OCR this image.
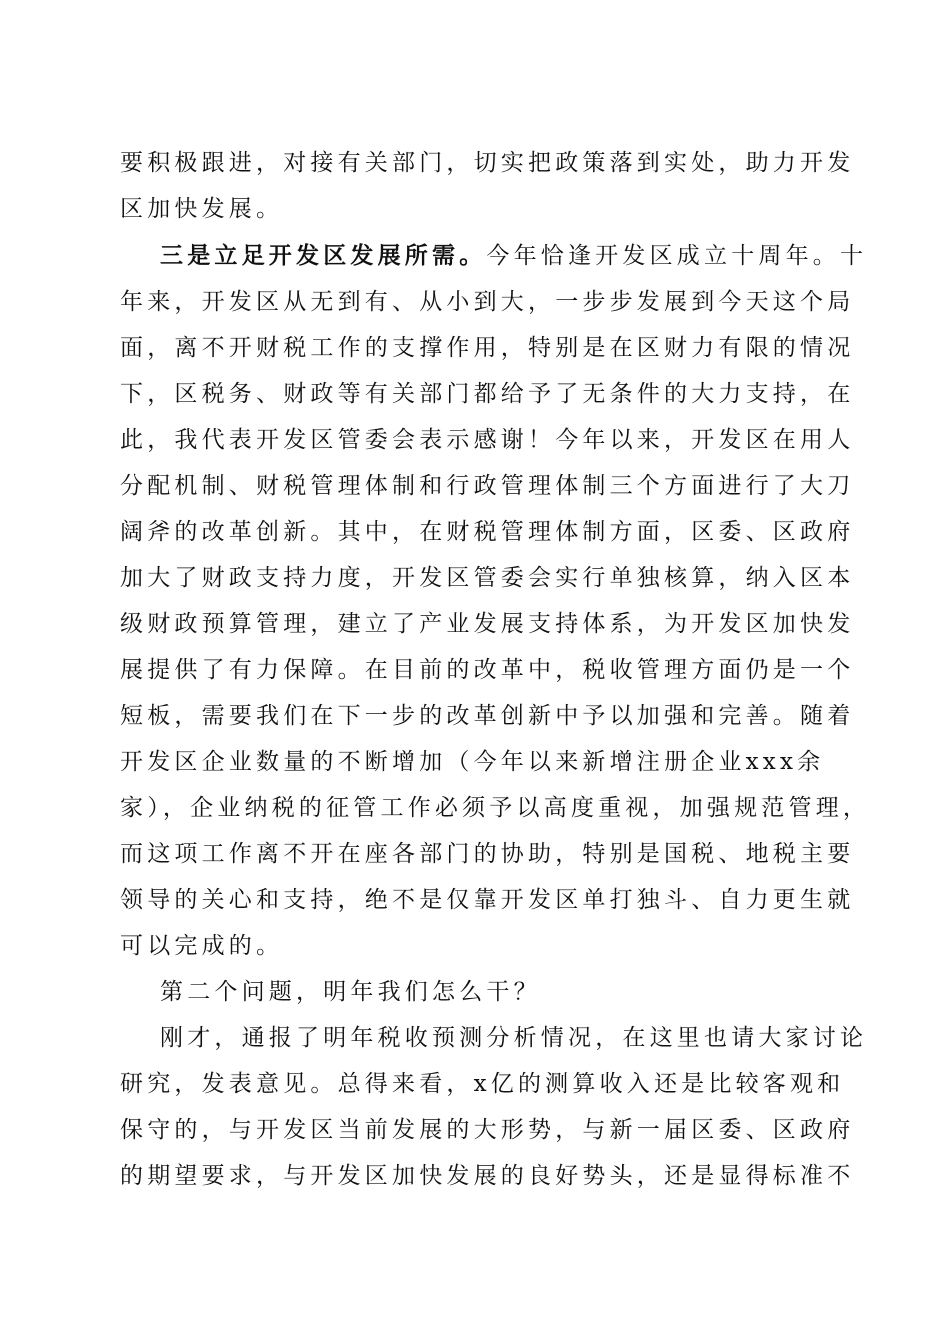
要积极跟进，对接有关部门，切实把政策落到实处，助力开发
区加快发展。
三是立足开发区发展所需。今年恰逢开发区成立十周年。十
年来，开发区从无到有、从小到大，一步步发展到今天这个局
面，离不开财税工作的支撑作用，特别是在区财力有限的情况
下，区税务、财政等有关部门都给予了无条件的大力支持，在
此，我代表开发区管委会表示感谢！今年以来，开发区在用人
分配机制、财税管理体制和行政管理体制三个方面进行了大刀
阔斧的改革创新。其中，在财税管理体制方面，区委、区政府
加大了财政支持力度，开发区管委会实行单独核算，纳入区本
级财政预算管理，建立了产业发展支持体系，为开发区加快发
展提供了有力保障。在目前的改革中，税收管理方面仍是一个
短板，需要我们在下一步的改革创新中予以加强和完善。随着
开发区企业数量的不断增加（今年以来新增注册企业xxx余
家），企业纳税的征管工作必须予以高度重视，加强规范管理，
而这项工作离不开在座各部门的协助，特别是国税、地税主要
领导的关心和支持，绝不是仅靠开发区单打独斗、自力更生就
可以完成的。
第二个问题，明年我们怎么干？
刚才，通报了明年税收预测分析情况，在这里也请大家讨论
研究，发表意见。总得来看，x亿的测算收入还是比较客观和
保守的，与开发区当前发展的大形势，与新一届区委、区政府
的期望要求，与开发区加快发展的良好势头，还是显得标准不
